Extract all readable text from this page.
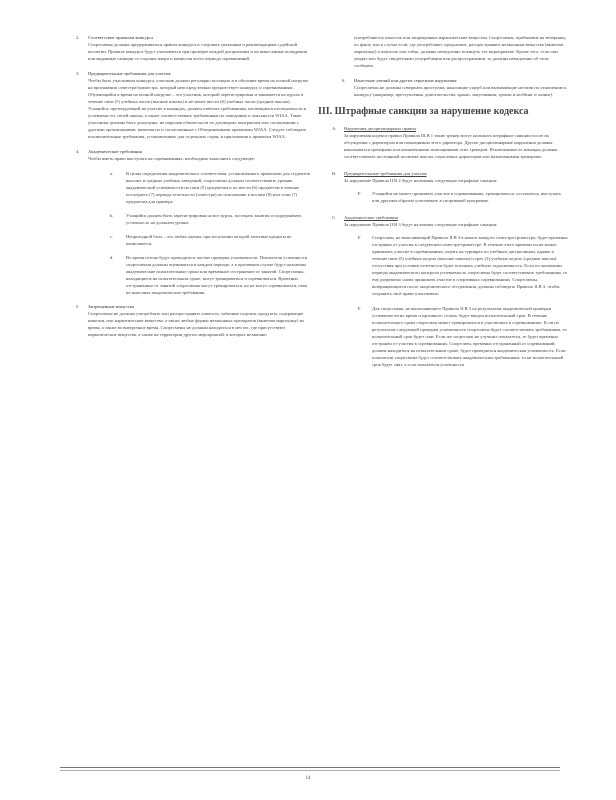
2. Соответствие правилам конкурса
Спортсмены должны придерживаться правил конкурса и следовать указаниям и рекомендациям судейской коллегии. Правила конкурса будут учитываться при проверке каждой дисциплины и на вынесенные поощрения или выданные санкции со стороны жюри и комиссии всего периода соревнований.
3. Предварительные требования для участия
Чтобы быть участником конкурса, участник должен регулярно посещать и в обучение время на полной нагрузке на протяжении семестра/триместра, который непосредственно предшествует конкурсу и соревнованиям. Обучающийся в время на полной нагрузке – это участник, который зарегистрирован и занимается на курсах в течение пяти (5) учебных часов (высшие школы) и не менее шести (6) учебных часов (средние школы). Учащийся, претендующий на участие в командах, должен отвечать требованиям, касающимся посещаемости и успеваемости, своей школы, а также соответствовать требованиям по поведению и лояльности WIAA. Такие участники должны быть допущены, не нарушая обязательств по договорам, контрактам или соглашениям с другими организациями, включая их и согласованные с Объединенными правилами WIAA. Следует соблюдать исключительные требования, установленные для отдельных стран, и приложения к правилам WIAA.
4. Академические требования
Чтобы иметь право выступать на соревнованиях, необходимо выполнить следующее:
a.	В целях определения академического соответствия, установленного правилами для студентов высших и средних учебных заведений, спортсмены должны соответствовать уровню академической успеваемости по пяти (5) предметам и по шести (6) предметам в течение последнего (7) периода отчетности (семестра) по отношению к восьми (8) или семи (7) предметам для примера.
b.	Учащийся должен быть зарегистрирован на все курсы, посещать занятия и поддерживать успешность на должном уровне.
c.	Непроходной балл – это любая оценка, при получении которой зачетные кредиты не начисляются.
d.	Во время сезона будут проводиться частые проверки успеваемости. Показатели успешности спортсменов должны оцениваться в каждом периоде, а в противном случае будут наложены академические испытательные сроки или временное отстранение от занятий. Спортсмены, находящиеся на испытательном сроке, могут тренироваться и соревноваться. Временно отстраненные от занятий спортсмены могут тренироваться, но не могут соревноваться, пока не выполнят академические требования.
5. Запрещенные вещества
Спортсмены не должны употреблять или распространять алкоголь, табачные изделия, продукты, содержащие никотин, или наркотические вещества, а также любые формы незаконных препаратов (включая марихуану) во время, а также во внеурочное время. Спортсмены не должны находиться в местах, где присутствуют наркотические вещества, а также на территории других мероприятий, в которых незаконно
употребляются алкоголь или запрещенные наркотические вещества. Спортсмены, прибывшие на вечеринку, по факту или в случае если, где употребляют, предлагают, распространяют незаконные вещества (включая марихуану) и алкоголь или табак, должны немедленно покинуть это мероприятие. Кроме того, если они увидят или будут свидетелями употребления или распространения, то должны немедленно об этом сообщить.
6. Нанесение увечий или другие серьезные нарушения
Спортсмены не должны совершать проступки, наносящие ущерб или вызывающие негатив по отношению к конкурсу (например, преступления, домогательства, кражи, запугивания, травли и моббинг и хазинг).
III. Штрафные санкции за нарушение кодекса
A. Нарушения дисциплинарных правил
За нарушения кодекса правил Правила III.В 1 такие тренер могут наложить штрафные санкции после их обсуждения с директором или помощником этого директора. Другие дисциплинарные нарушения должны наказываться тренерами или назначенными помощниками этих тренеров. Исключенные из команды должны соответствовать постоянной политике школы, отраслевых директоров или назначенными тренерами.
B. Предварительные требования для участия
За нарушение Правила II.В 2 будут наложены следующие штрафные санкции:
F Учащийся не может принимать участие в соревнованиях, тренироваться, состязаться, выступать или другими образом участвовать в спортивной программе.
C. Академические требования
За нарушение Правила II.В 3 будут наложены следующие штрафные санкции:
F Спортсмен, не выполняющий Правило II.В 3 в начале каждого семестра/триместра, будет временно отстранен от участия в следующем семестре/триместре. В течение этого времени он не может принимать участие в соревнованиях, играть на турнирах по учебным дисциплинам, однако в течение пяти (5) учебных недель (высшие школы) и трех (3) учебных недель (средние школы) отсутствия при условии отчетности будет погашать учебную задолженность. Если по окончании периода академического контроля успеваемость спортсмена будет соответствовать требованиям, то ему разрешено снова принимать участие в спортивных соревнованиях. Спортсмены, возвращающиеся после академического отстранения, должны соблюдать Правило II.В 3, чтобы сохранить своё право участвовать.
F Для спортсмена, не выполняющего Правило II.В 3 по результатам академической проверки успеваемости во время спортивного сезона, будет введен испытательный срок. В течение испытательного срока спортсмен может тренироваться и участвовать в соревнованиях. Если по результатам следующей проверки успеваемость спортсмена будет соответствовать требованиям, то испытательный срок будет снят. Если же спортсмен не улучшит показатели, то будет временно отстранён от участия в соревнованиях. Спортсмен, временно отстраненный от соревнований, должен находиться на испытательном сроке, будет проверяться академическая успеваемость. Если показатели спортсмена будут соответствовать академическим требованиям, то на испытательный срок будет снят, а если показатели успешности
14
